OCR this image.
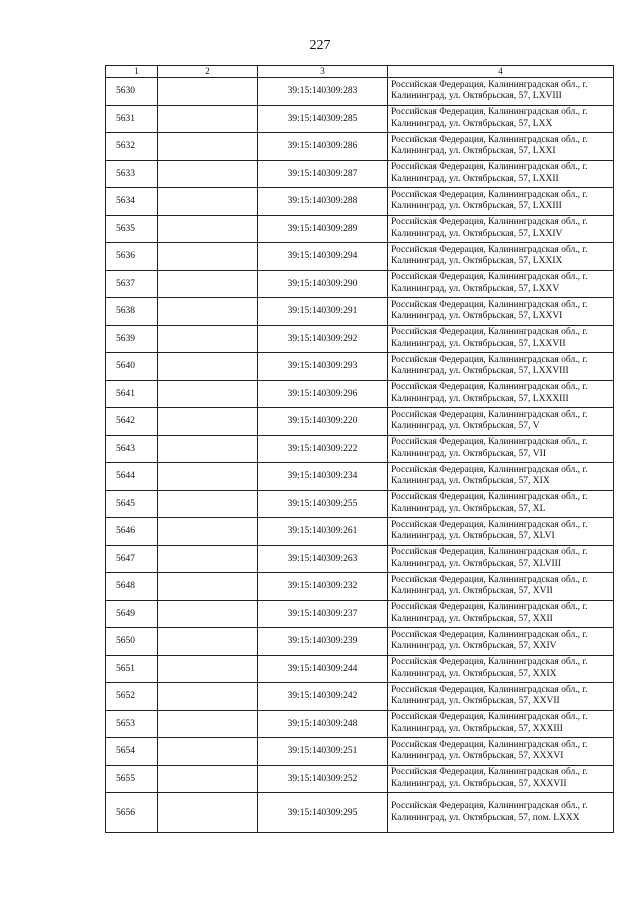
227
1	2	3	4
5630		39:15:140309:283	Российская Федерация, Калининградская обл., г. Калининград, ул. Октябрьская, 57, LXVIII
5631		39:15:140309:285	Российская Федерация, Калининградская обл., г. Калининград, ул. Октябрьская, 57, LXX
5632		39:15:140309:286	Российская Федерация, Калининградская обл., г. Калининград, ул. Октябрьская, 57, LXXI
5633		39:15:140309:287	Российская Федерация, Калининградская обл., г. Калининград, ул. Октябрьская, 57, LXXII
5634		39:15:140309:288	Российская Федерация, Калининградская обл., г. Калининград, ул. Октябрьская, 57, LXXIII
5635		39:15:140309:289	Российская Федерация, Калининградская обл., г. Калининград, ул. Октябрьская, 57, LXXIV
5636		39:15:140309:294	Российская Федерация, Калининградская обл., г. Калининград, ул. Октябрьская, 57, LXXIX
5637		39:15:140309:290	Российская Федерация, Калининградская обл., г. Калининград, ул. Октябрьская, 57, LXXV
5638		39:15:140309:291	Российская Федерация, Калининградская обл., г. Калининград, ул. Октябрьская, 57, LXXVI
5639		39:15:140309:292	Российская Федерация, Калининградская обл., г. Калининград, ул. Октябрьская, 57, LXXVII
5640		39:15:140309:293	Российская Федерация, Калининградская обл., г. Калининград, ул. Октябрьская, 57, LXXVIII
5641		39:15:140309:296	Российская Федерация, Калининградская обл., г. Калининград, ул. Октябрьская, 57, LXXXIII
5642		39:15:140309:220	Российская Федерация, Калининградская обл., г. Калининград, ул. Октябрьская, 57, V
5643		39:15:140309:222	Российская Федерация, Калининградская обл., г. Калининград, ул. Октябрьская, 57, VII
5644		39:15:140309:234	Российская Федерация, Калининградская обл., г. Калининград, ул. Октябрьская, 57, XIX
5645		39:15:140309:255	Российская Федерация, Калининградская обл., г. Калининград, ул. Октябрьская, 57, XL
5646		39:15:140309:261	Российская Федерация, Калининградская обл., г. Калининград, ул. Октябрьская, 57, XLVI
5647		39:15:140309:263	Российская Федерация, Калининградская обл., г. Калининград, ул. Октябрьская, 57, XLVIII
5648		39:15:140309:232	Российская Федерация, Калининградская обл., г. Калининград, ул. Октябрьская, 57, XVII
5649		39:15:140309:237	Российская Федерация, Калининградская обл., г. Калининград, ул. Октябрьская, 57, XXII
5650		39:15:140309:239	Российская Федерация, Калининградская обл., г. Калининград, ул. Октябрьская, 57, XXIV
5651		39:15:140309:244	Российская Федерация, Калининградская обл., г. Калининград, ул. Октябрьская, 57, XXIX
5652		39:15:140309:242	Российская Федерация, Калининградская обл., г. Калининград, ул. Октябрьская, 57, XXVII
5653		39:15:140309:248	Российская Федерация, Калининградская обл., г. Калининград, ул. Октябрьская, 57, XXXIII
5654		39:15:140309:251	Российская Федерация, Калининградская обл., г. Калининград, ул. Октябрьская, 57, XXXVI
5655		39:15:140309:252	Российская Федерация, Калининградская обл., г. Калининград, ул. Октябрьская, 57, XXXVII
5656		39:15:140309:295	Российская Федерация, Калининградская обл., г. Калининград, ул. Октябрьская, 57, пом. LXXX
